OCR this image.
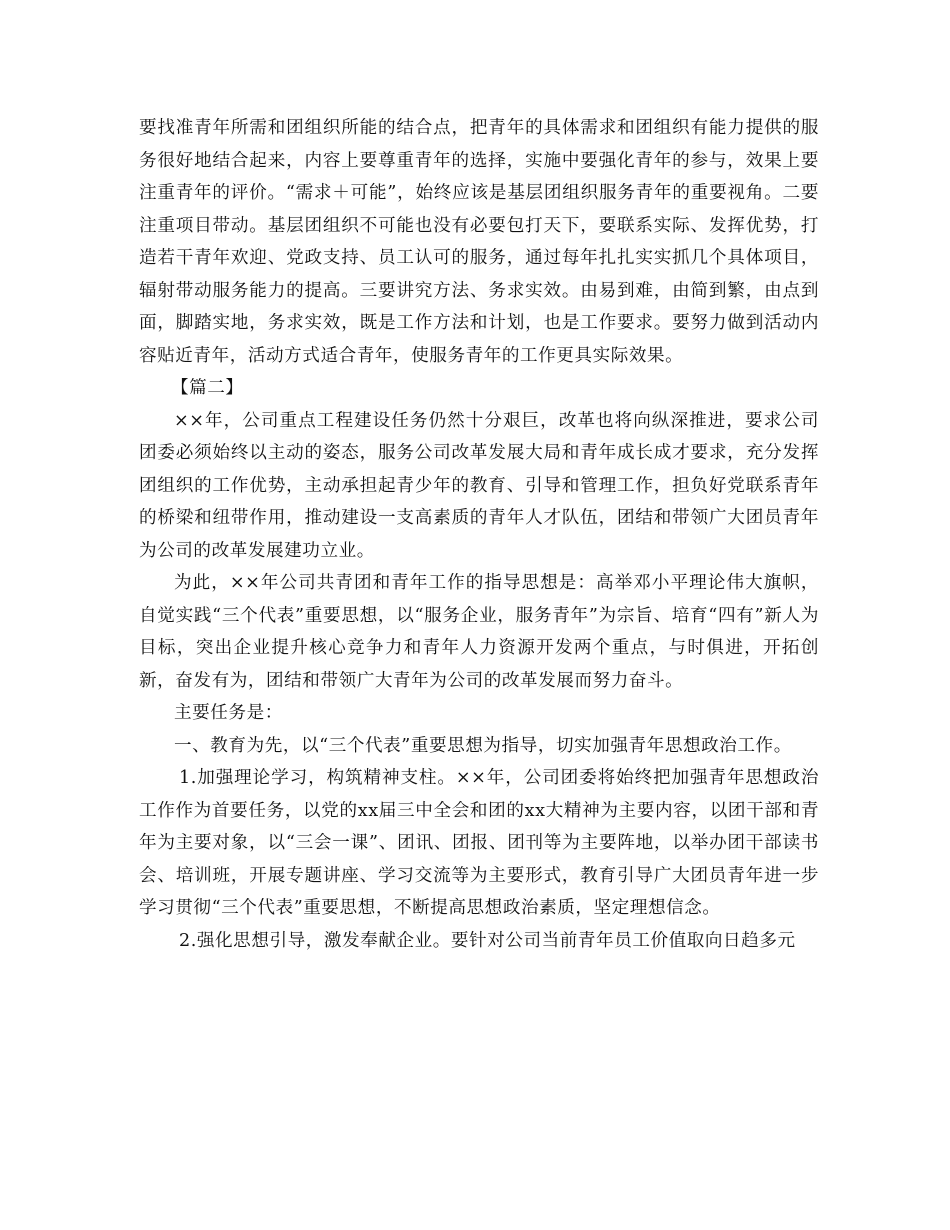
要找准青年所需和团组织所能的结合点，把青年的具体需求和团组织有能力提供的服务很好地结合起来，内容上要尊重青年的选择，实施中要强化青年的参与，效果上要注重青年的评价。“需求＋可能”，始终应该是基层团组织服务青年的重要视角。二要注重项目带动。基层团组织不可能也没有必要包打天下，要联系实际、发挥优势，打造若干青年欢迎、党政支持、员工认可的服务，通过每年扎扎实实抓几个具体项目，辐射带动服务能力的提高。三要讲究方法、务求实效。由易到难，由简到繁，由点到面，脚踏实地，务求实效，既是工作方法和计划，也是工作要求。要努力做到活动内容贴近青年，活动方式适合青年，使服务青年的工作更具实际效果。

【篇二】

××年，公司重点工程建设任务仍然十分艰巨，改革也将向纵深推进，要求公司团委必须始终以主动的姿态，服务公司改革发展大局和青年成长成才要求，充分发挥团组织的工作优势，主动承担起青少年的教育、引导和管理工作，担负好党联系青年的桥梁和纽带作用，推动建设一支高素质的青年人才队伍，团结和带领广大团员青年为公司的改革发展建功立业。

为此，××年公司共青团和青年工作的指导思想是：高举邓小平理论伟大旗帜，自觉实践“三个代表”重要思想，以“服务企业，服务青年”为宗旨、培育“四有”新人为目标，突出企业提升核心竞争力和青年人力资源开发两个重点，与时俱进，开拓创新，奋发有为，团结和带领广大青年为公司的改革发展而努力奋斗。

主要任务是：

一、教育为先，以“三个代表”重要思想为指导，切实加强青年思想政治工作。

1.加强理论学习，构筑精神支柱。××年，公司团委将始终把加强青年思想政治工作作为首要任务，以党的xx届三中全会和团的xx大精神为主要内容，以团干部和青年为主要对象，以“三会一课”、团讯、团报、团刊等为主要阵地，以举办团干部读书会、培训班，开展专题讲座、学习交流等为主要形式，教育引导广大团员青年进一步学习贯彻“三个代表”重要思想，不断提高思想政治素质，坚定理想信念。

2.强化思想引导，激发奉献企业。要针对公司当前青年员工价值取向日趋多元
